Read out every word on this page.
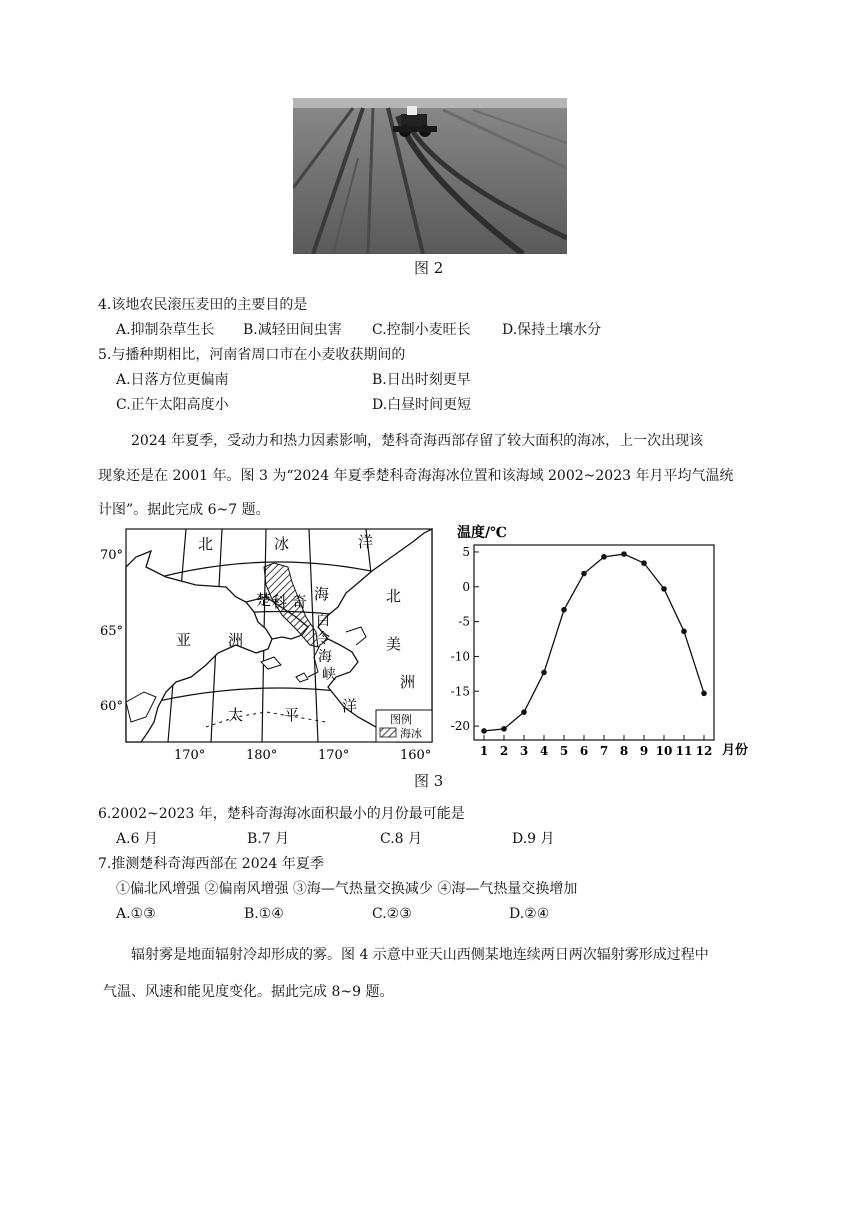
图 2
4.该地农民滚压麦田的主要目的是
A.抑制杂草生长 B.减轻田间虫害 C.控制小麦旺长 D.保持土壤水分
5.与播种期相比，河南省周口市在小麦收获期间的
A.日落方位更偏南	B.日出时刻更早
C.正午太阳高度小	D.白昼时间更短
2024 年夏季，受动力和热力因素影响，楚科奇海西部存留了较大面积的海冰，上一次出现该
现象还是在 2001 年。图 3 为“2024 年夏季楚科奇海海冰位置和该海域 2002~2023 年月平均气温统
计图”。据此完成 6~7 题。
70°
65°
60°
170°	180°	170°	160°
北	冰	洋
亚 洲
北
美
洲
太	平	洋
楚 科 奇 海
白
令
海
峡
图例
海冰
温度/℃
5
0
-5
-10
-15
-20
1 2 3 4 5 6 7 8 9 10 11 12 月份
图 3
6.2002~2023 年，楚科奇海海冰面积最小的月份最可能是
A.6 月	B.7 月	C.8 月	D.9 月
7.推测楚科奇海西部在 2024 年夏季
①偏北风增强 ②偏南风增强 ③海—气热量交换减少 ④海—气热量交换增加
A.①③	B.①④	C.②③	D.②④
辐射雾是地面辐射冷却形成的雾。图 4 示意中亚天山西侧某地连续两日两次辐射雾形成过程中
气温、风速和能见度变化。据此完成 8~9 题。
